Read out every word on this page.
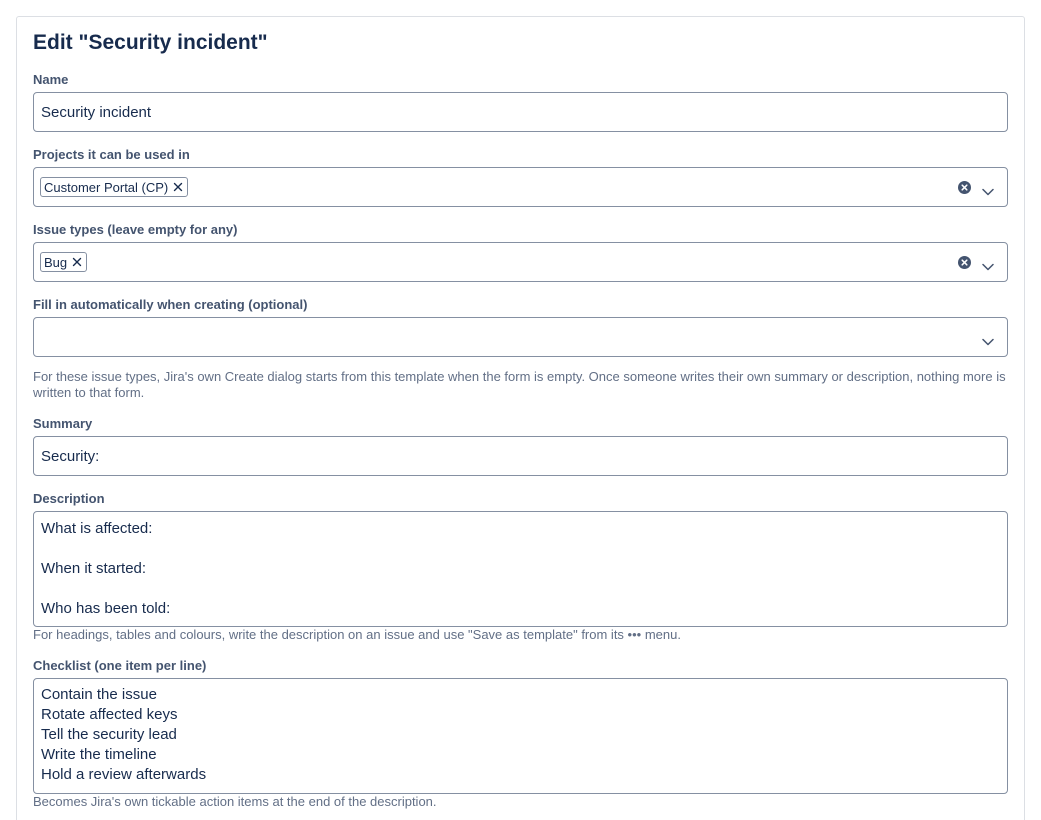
Edit "Security incident"
Name
Security incident
Projects it can be used in
Customer Portal (CP)
Issue types (leave empty for any)
Bug
Fill in automatically when creating (optional)
For these issue types, Jira's own Create dialog starts from this template when the form is empty. Once someone writes their own summary or description, nothing more is written to that form.
Summary
Security:
Description
What is affected:

When it started:

Who has been told:
For headings, tables and colours, write the description on an issue and use "Save as template" from its ••• menu.
Checklist (one item per line)
Contain the issue
Rotate affected keys
Tell the security lead
Write the timeline
Hold a review afterwards
Becomes Jira's own tickable action items at the end of the description.
